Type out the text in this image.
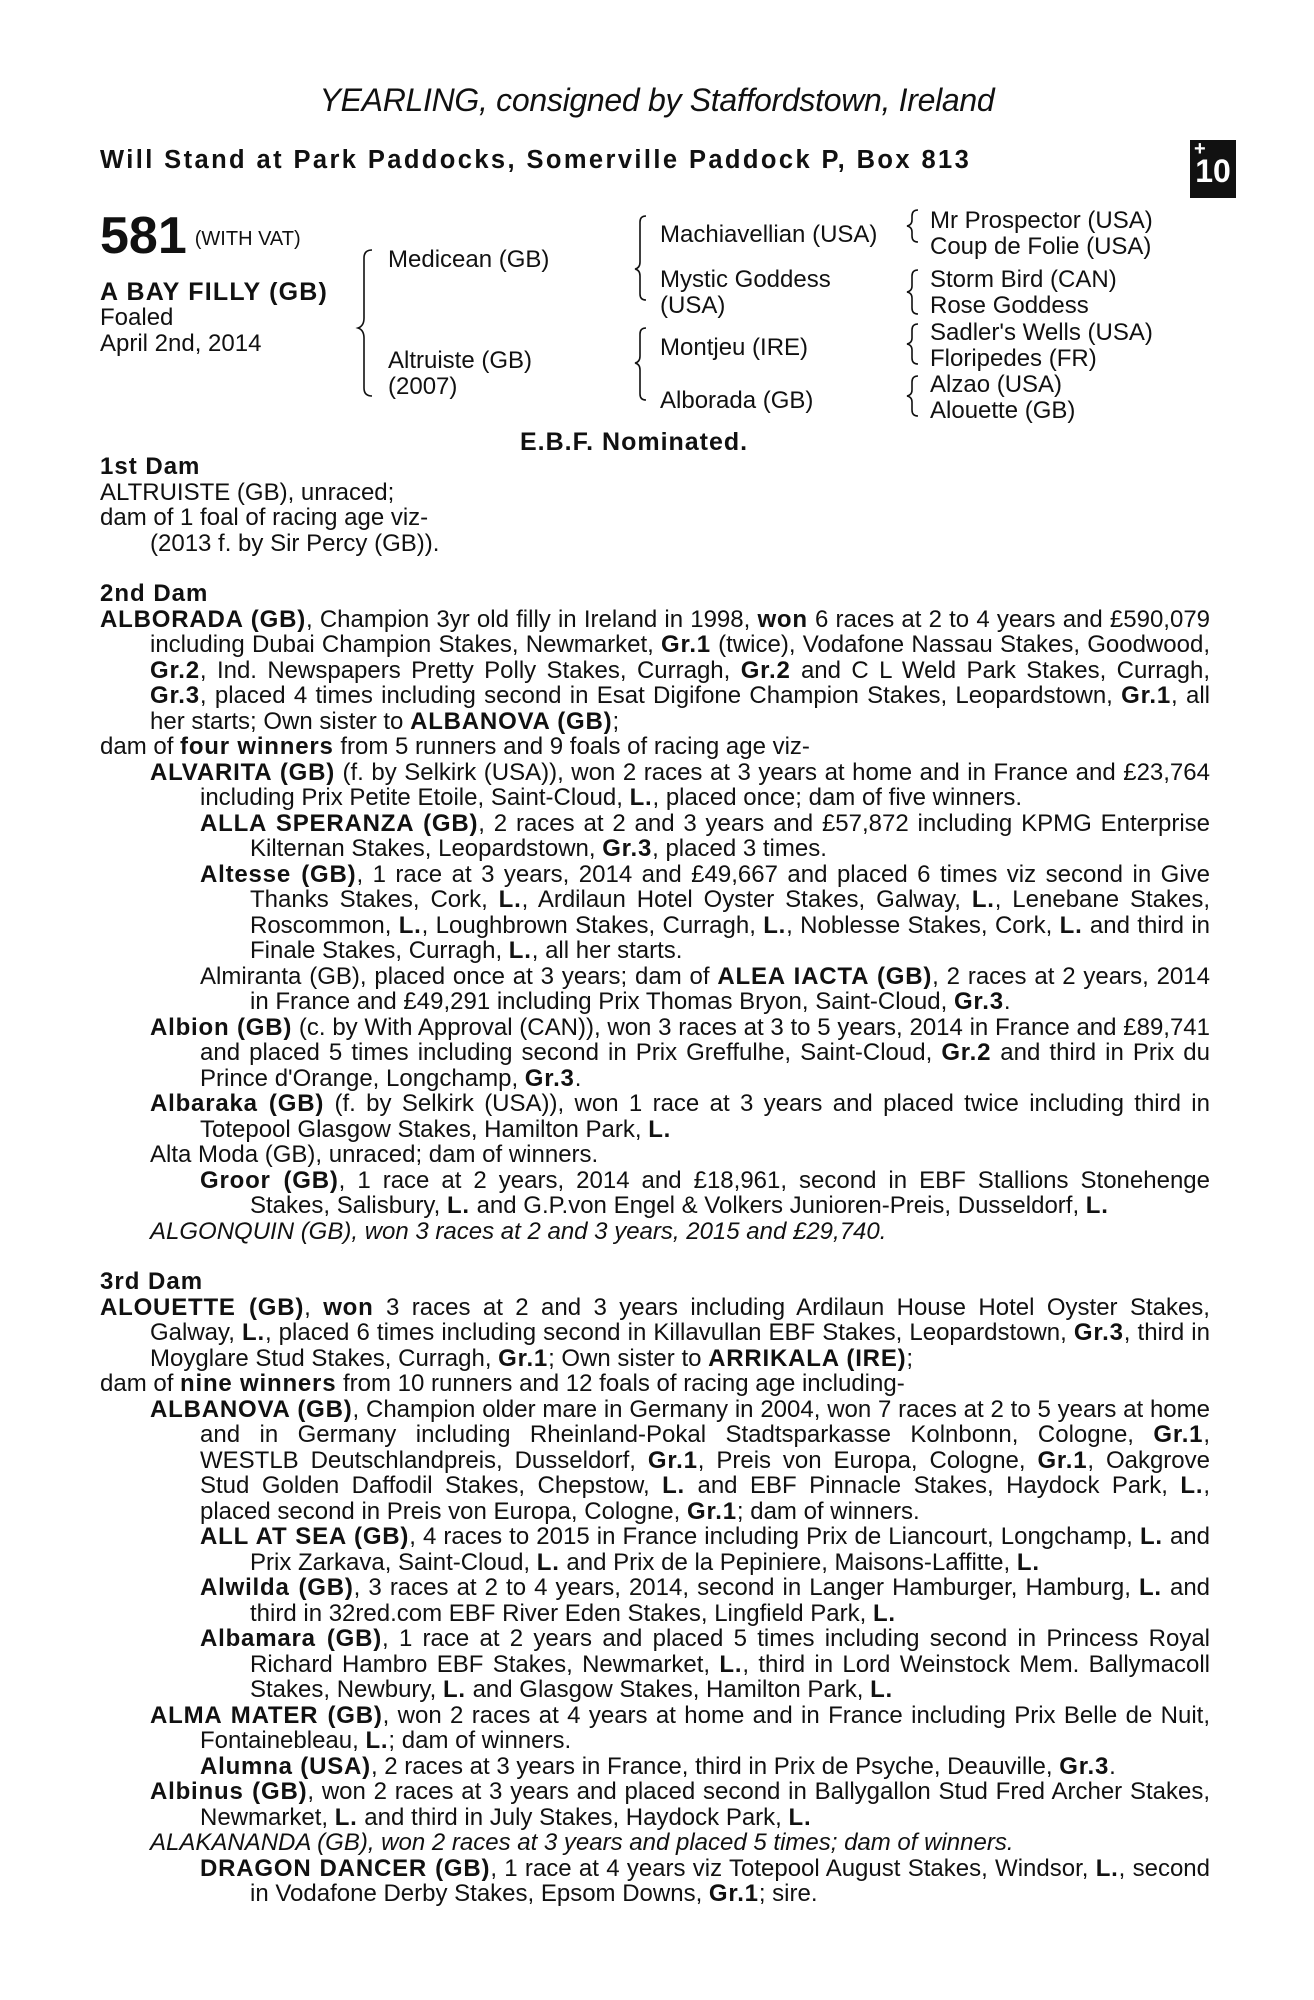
YEARLING, consigned by Staffordstown, Ireland
Will Stand at Park Paddocks, Somerville Paddock P, Box 813	+
10
581 (WITH VAT)
A BAY FILLY (GB)
Foaled
April 2nd, 2014
Medicean (GB)
Altruiste (GB)
(2007)
Machiavellian (USA)
Mystic Goddess
(USA)
Montjeu (IRE)
Alborada (GB)
Mr Prospector (USA)
Coup de Folie (USA)
Storm Bird (CAN)
Rose Goddess
Sadler's Wells (USA)
Floripedes (FR)
Alzao (USA)
Alouette (GB)
E.B.F. Nominated.
1st Dam
ALTRUISTE (GB), unraced;
dam of 1 foal of racing age viz-
(2013 f. by Sir Percy (GB)).
2nd Dam
ALBORADA (GB), Champion 3yr old filly in Ireland in 1998, won 6 races at 2 to 4 years and £590,079 including Dubai Champion Stakes, Newmarket, Gr.1 (twice), Vodafone Nassau Stakes, Goodwood, Gr.2, Ind. Newspapers Pretty Polly Stakes, Curragh, Gr.2 and C L Weld Park Stakes, Curragh, Gr.3, placed 4 times including second in Esat Digifone Champion Stakes, Leopardstown, Gr.1, all her starts; Own sister to ALBANOVA (GB);
dam of four winners from 5 runners and 9 foals of racing age viz-
ALVARITA (GB) (f. by Selkirk (USA)), won 2 races at 3 years at home and in France and £23,764 including Prix Petite Etoile, Saint-Cloud, L., placed once; dam of five winners.
ALLA SPERANZA (GB), 2 races at 2 and 3 years and £57,872 including KPMG Enterprise Kilternan Stakes, Leopardstown, Gr.3, placed 3 times.
Altesse (GB), 1 race at 3 years, 2014 and £49,667 and placed 6 times viz second in Give Thanks Stakes, Cork, L., Ardilaun Hotel Oyster Stakes, Galway, L., Lenebane Stakes, Roscommon, L., Loughbrown Stakes, Curragh, L., Noblesse Stakes, Cork, L. and third in Finale Stakes, Curragh, L., all her starts.
Almiranta (GB), placed once at 3 years; dam of ALEA IACTA (GB), 2 races at 2 years, 2014 in France and £49,291 including Prix Thomas Bryon, Saint-Cloud, Gr.3.
Albion (GB) (c. by With Approval (CAN)), won 3 races at 3 to 5 years, 2014 in France and £89,741 and placed 5 times including second in Prix Greffulhe, Saint-Cloud, Gr.2 and third in Prix du Prince d'Orange, Longchamp, Gr.3.
Albaraka (GB) (f. by Selkirk (USA)), won 1 race at 3 years and placed twice including third in Totepool Glasgow Stakes, Hamilton Park, L.
Alta Moda (GB), unraced; dam of winners.
Groor (GB), 1 race at 2 years, 2014 and £18,961, second in EBF Stallions Stonehenge Stakes, Salisbury, L. and G.P.von Engel & Volkers Junioren-Preis, Dusseldorf, L.
ALGONQUIN (GB), won 3 races at 2 and 3 years, 2015 and £29,740.
3rd Dam
ALOUETTE (GB), won 3 races at 2 and 3 years including Ardilaun House Hotel Oyster Stakes, Galway, L., placed 6 times including second in Killavullan EBF Stakes, Leopardstown, Gr.3, third in Moyglare Stud Stakes, Curragh, Gr.1; Own sister to ARRIKALA (IRE);
dam of nine winners from 10 runners and 12 foals of racing age including-
ALBANOVA (GB), Champion older mare in Germany in 2004, won 7 races at 2 to 5 years at home and in Germany including Rheinland-Pokal Stadtsparkasse Kolnbonn, Cologne, Gr.1, WESTLB Deutschlandpreis, Dusseldorf, Gr.1, Preis von Europa, Cologne, Gr.1, Oakgrove Stud Golden Daffodil Stakes, Chepstow, L. and EBF Pinnacle Stakes, Haydock Park, L., placed second in Preis von Europa, Cologne, Gr.1; dam of winners.
ALL AT SEA (GB), 4 races to 2015 in France including Prix de Liancourt, Longchamp, L. and Prix Zarkava, Saint-Cloud, L. and Prix de la Pepiniere, Maisons-Laffitte, L.
Alwilda (GB), 3 races at 2 to 4 years, 2014, second in Langer Hamburger, Hamburg, L. and third in 32red.com EBF River Eden Stakes, Lingfield Park, L.
Albamara (GB), 1 race at 2 years and placed 5 times including second in Princess Royal Richard Hambro EBF Stakes, Newmarket, L., third in Lord Weinstock Mem. Ballymacoll Stakes, Newbury, L. and Glasgow Stakes, Hamilton Park, L.
ALMA MATER (GB), won 2 races at 4 years at home and in France including Prix Belle de Nuit, Fontainebleau, L.; dam of winners.
Alumna (USA), 2 races at 3 years in France, third in Prix de Psyche, Deauville, Gr.3.
Albinus (GB), won 2 races at 3 years and placed second in Ballygallon Stud Fred Archer Stakes, Newmarket, L. and third in July Stakes, Haydock Park, L.
ALAKANANDA (GB), won 2 races at 3 years and placed 5 times; dam of winners.
DRAGON DANCER (GB), 1 race at 4 years viz Totepool August Stakes, Windsor, L., second in Vodafone Derby Stakes, Epsom Downs, Gr.1; sire.
